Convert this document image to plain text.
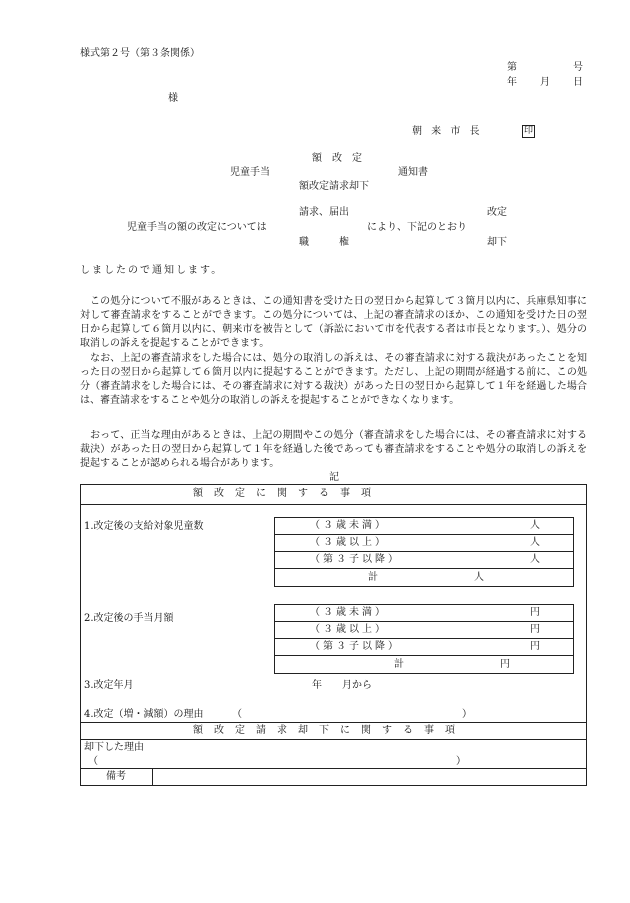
様式第２号（第３条関係）
第	号
年 月 日
様
朝 来 市 長	印
額　改　定
児童手当	通知書
額改定請求却下
請求、届出	改定
児童手当の額の改定については	により、下記のとおり
職　　　権	却下
しましたので通知します。
この処分について不服があるときは、この通知書を受けた日の翌日から起算して３箇月以内に、兵庫県知事に対して審査請求をすることができます。この処分については、上記の審査請求のほか、この通知を受けた日の翌日から起算して６箇月以内に、朝来市を被告として（訴訟において市を代表する者は市長となります。）、処分の取消しの訴えを提起することができます。
なお、上記の審査請求をした場合には、処分の取消しの訴えは、その審査請求に対する裁決があったことを知った日の翌日から起算して６箇月以内に提起することができます。ただし、上記の期間が経過する前に、この処分（審査請求をした場合には、その審査請求に対する裁決）があった日の翌日から起算して１年を経過した場合は、審査請求をすることや処分の取消しの訴えを提起することができなくなります。
おって、正当な理由があるときは、上記の期間やこの処分（審査請求をした場合には、その審査請求に対する裁決）があった日の翌日から起算して１年を経過した後であっても審査請求をすることや処分の取消しの訴えを提起することが認められる場合があります。
記
額改定に関する事項
1.改定後の支給対象児童数	（３歳未満）	人
（３歳以上）	人
（第３子以降）	人
計	人
2.改定後の手当月額
（３歳未満）	円
（３歳以上）	円
（第３子以降）	円
計	円
3.改定年月	年　　月から
4.改定（増・減額）の理由	（	）
額改定請求却下に関する事項
却下した理由
（	）
備考
